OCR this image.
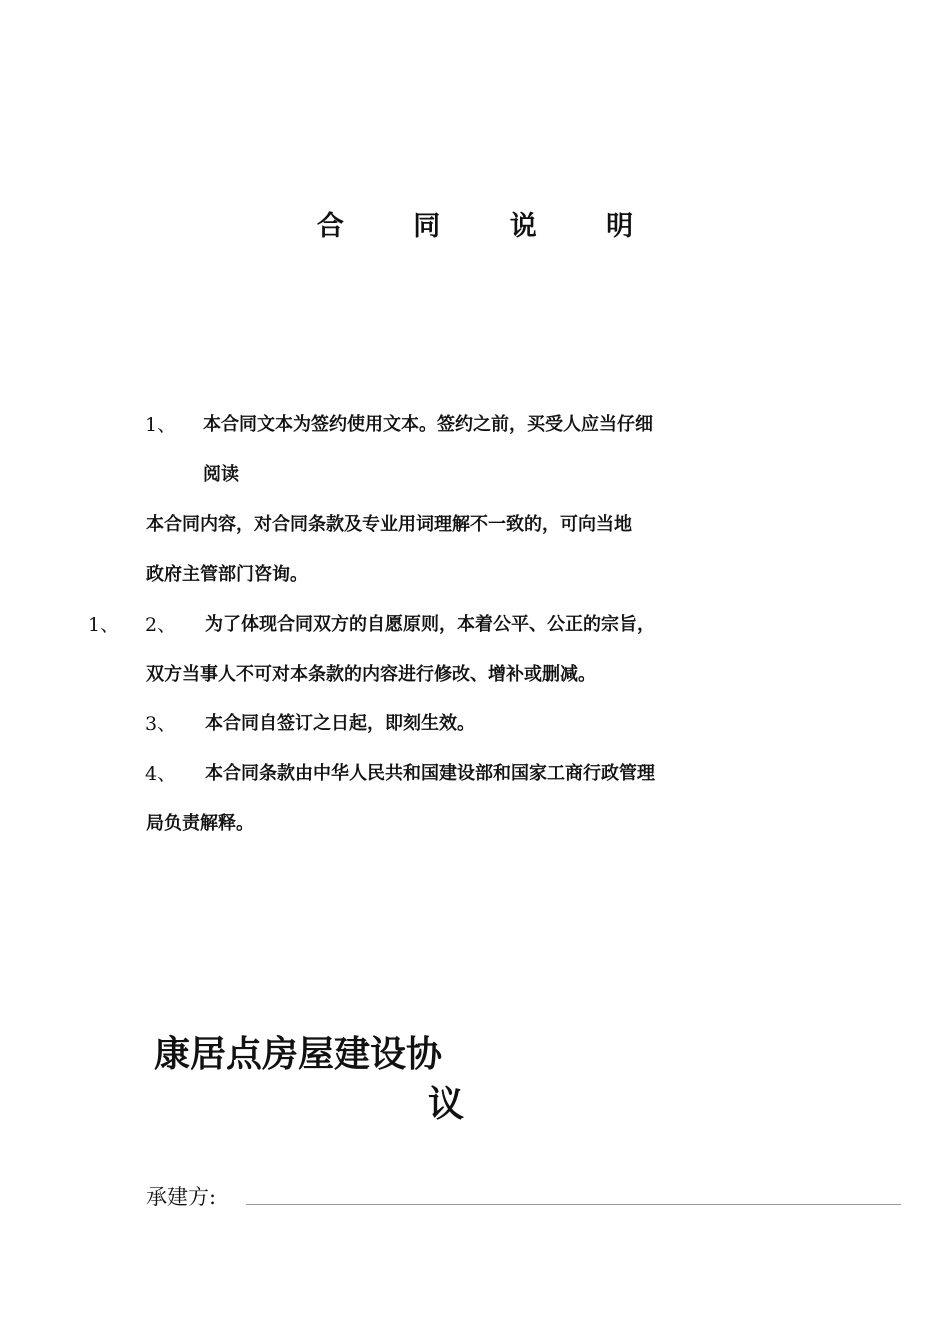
合 同 说 明
1、 本合同文本为签约使用文本。签约之前，买受人应当仔细
阅读
本合同内容，对合同条款及专业用词理解不一致的，可向当地
政府主管部门咨询。
1、 2、 为了体现合同双方的自愿原则，本着公平、公正的宗旨，
双方当事人不可对本条款的内容进行修改、增补或删减。
3、 本合同自签订之日起，即刻生效。
4、 本合同条款由中华人民共和国建设部和国家工商行政管理
局负责解释。
康居点房屋建设协
议
承建方:
